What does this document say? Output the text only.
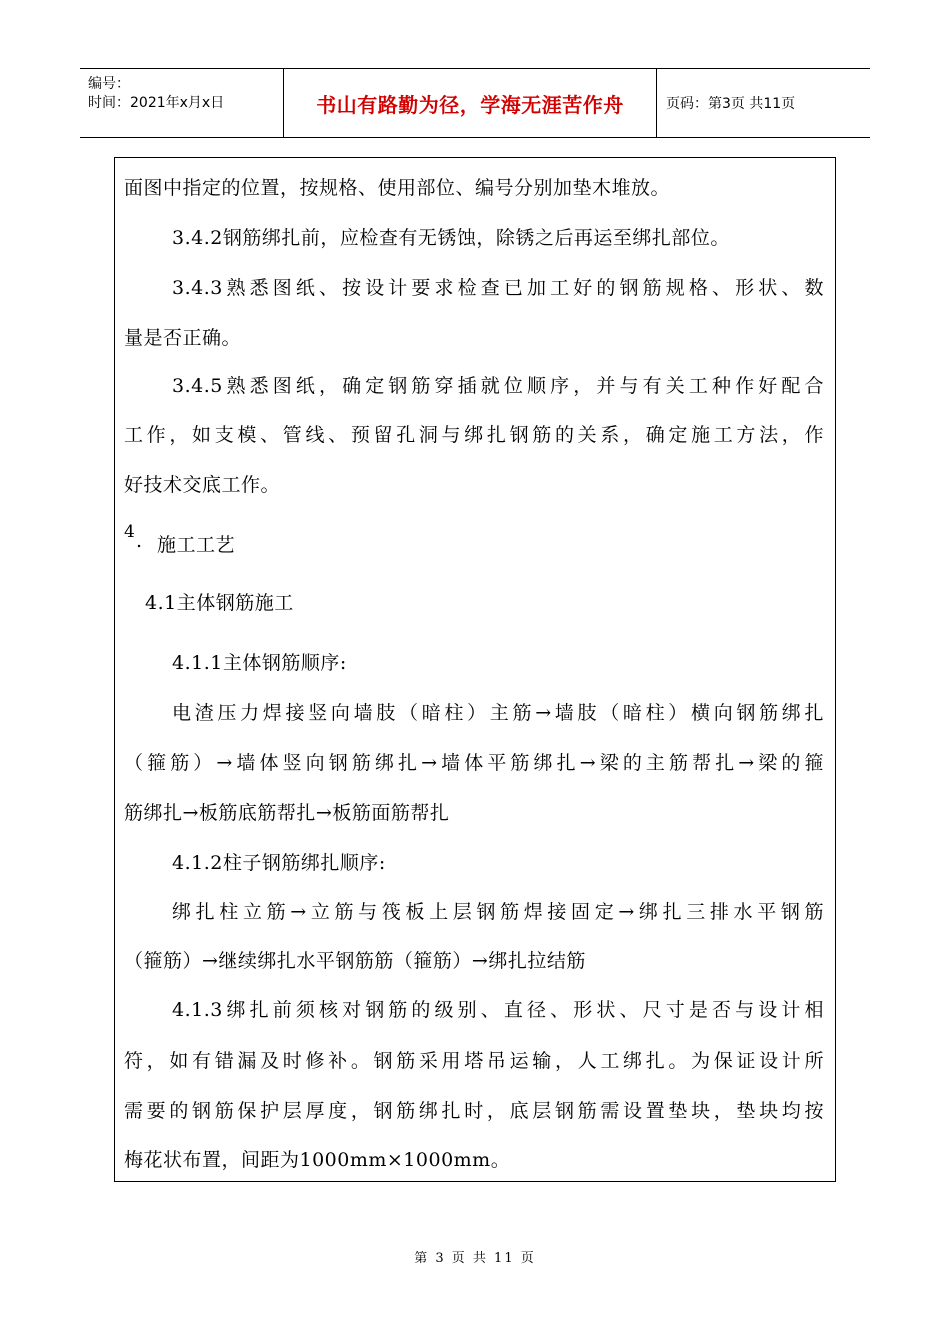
编号：
时间：2021年x月x日	书山有路勤为径，学海无涯苦作舟	页码：第3页 共11页
面图中指定的位置，按规格、使用部位、编号分别加垫木堆放。
3.4.2钢筋绑扎前，应检查有无锈蚀，除锈之后再运至绑扎部位。
3.4.3熟悉图纸、按设计要求检查已加工好的钢筋规格、形状、数
量是否正确。
3.4.5熟悉图纸，确定钢筋穿插就位顺序，并与有关工种作好配合
工作，如支模、管线、预留孔洞与绑扎钢筋的关系，确定施工方法，作
好技术交底工作。
4 . 施工工艺
4.1主体钢筋施工
4.1.1主体钢筋顺序:
电渣压力焊接竖向墙肢（暗柱）主筋→墙肢（暗柱）横向钢筋绑扎
（箍筋）→墙体竖向钢筋绑扎→墙体平筋绑扎→梁的主筋帮扎→梁的箍
筋绑扎→板筋底筋帮扎→板筋面筋帮扎
4.1.2柱子钢筋绑扎顺序:
绑扎柱立筋→立筋与筏板上层钢筋焊接固定→绑扎三排水平钢筋
（箍筋）→继续绑扎水平钢筋筋（箍筋）→绑扎拉结筋
4.1.3绑扎前须核对钢筋的级别、直径、形状、尺寸是否与设计相
符，如有错漏及时修补。钢筋采用塔吊运输，人工绑扎。为保证设计所
需要的钢筋保护层厚度，钢筋绑扎时，底层钢筋需设置垫块，垫块均按
梅花状布置，间距为1000mm×1000mm。
第 3 页 共 11 页
